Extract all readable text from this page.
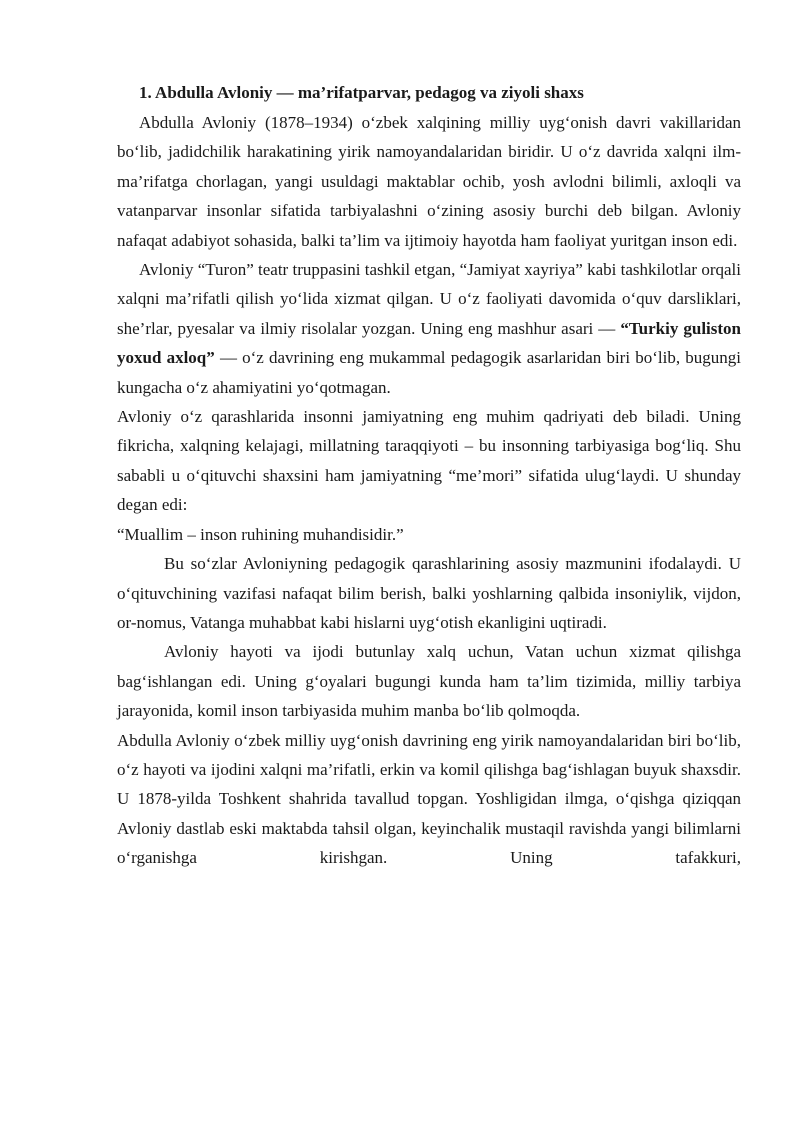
1. Abdulla Avloniy — ma’rifatparvar, pedagog va ziyoli shaxs

Abdulla Avloniy (1878–1934) o‘zbek xalqining milliy uyg‘onish davri vakillaridan bo‘lib, jadidchilik harakatining yirik namoyandalaridan biridir. U o‘z davrida xalqni ilm-ma’rifatga chorlagan, yangi usuldagi maktablar ochib, yosh avlodni bilimli, axloqli va vatanparvar insonlar sifatida tarbiyalashni o‘zining asosiy burchi deb bilgan. Avloniy nafaqat adabiyot sohasida, balki ta’lim va ijtimoiy hayotda ham faoliyat yuritgan inson edi.

Avloniy “Turon” teatr truppasini tashkil etgan, “Jamiyat xayriya” kabi tashkilotlar orqali xalqni ma’rifatli qilish yo‘lida xizmat qilgan. U o‘z faoliyati davomida o‘quv darsliklari, she’rlar, pyesalar va ilmiy risolalar yozgan. Uning eng mashhur asari — “Turkiy guliston yoxud axloq” — o‘z davrining eng mukammal pedagogik asarlaridan biri bo‘lib, bugungi kungacha o‘z ahamiyatini yo‘qotmagan.

Avloniy o‘z qarashlarida insonni jamiyatning eng muhim qadriyati deb biladi. Uning fikricha, xalqning kelajagi, millatning taraqqiyoti – bu insonning tarbiyasiga bog‘liq. Shu sababli u o‘qituvchi shaxsini ham jamiyatning “me’mori” sifatida ulug‘laydi. U shunday degan edi:

“Muallim – inson ruhining muhandisidir.”

Bu so‘zlar Avloniyning pedagogik qarashlarining asosiy mazmunini ifodalaydi. U o‘qituvchining vazifasi nafaqat bilim berish, balki yoshlarning qalbida insoniylik, vijdon, or-nomus, Vatanga muhabbat kabi hislarni uyg‘otish ekanligini uqtiradi.

Avloniy hayoti va ijodi butunlay xalq uchun, Vatan uchun xizmat qilishga bag‘ishlangan edi. Uning g‘oyalari bugungi kunda ham ta’lim tizimida, milliy tarbiya jarayonida, komil inson tarbiyasida muhim manba bo‘lib qolmoqda.

Abdulla Avloniy o‘zbek milliy uyg‘onish davrining eng yirik namoyandalaridan biri bo‘lib, o‘z hayoti va ijodini xalqni ma’rifatli, erkin va komil qilishga bag‘ishlagan buyuk shaxsdir. U 1878-yilda Toshkent shahrida tavallud topgan. Yoshligidan ilmga, o‘qishga qiziqqan Avloniy dastlab eski maktabda tahsil olgan, keyinchalik mustaqil ravishda yangi bilimlarni o‘rganishga kirishgan. Uning tafakkuri,
